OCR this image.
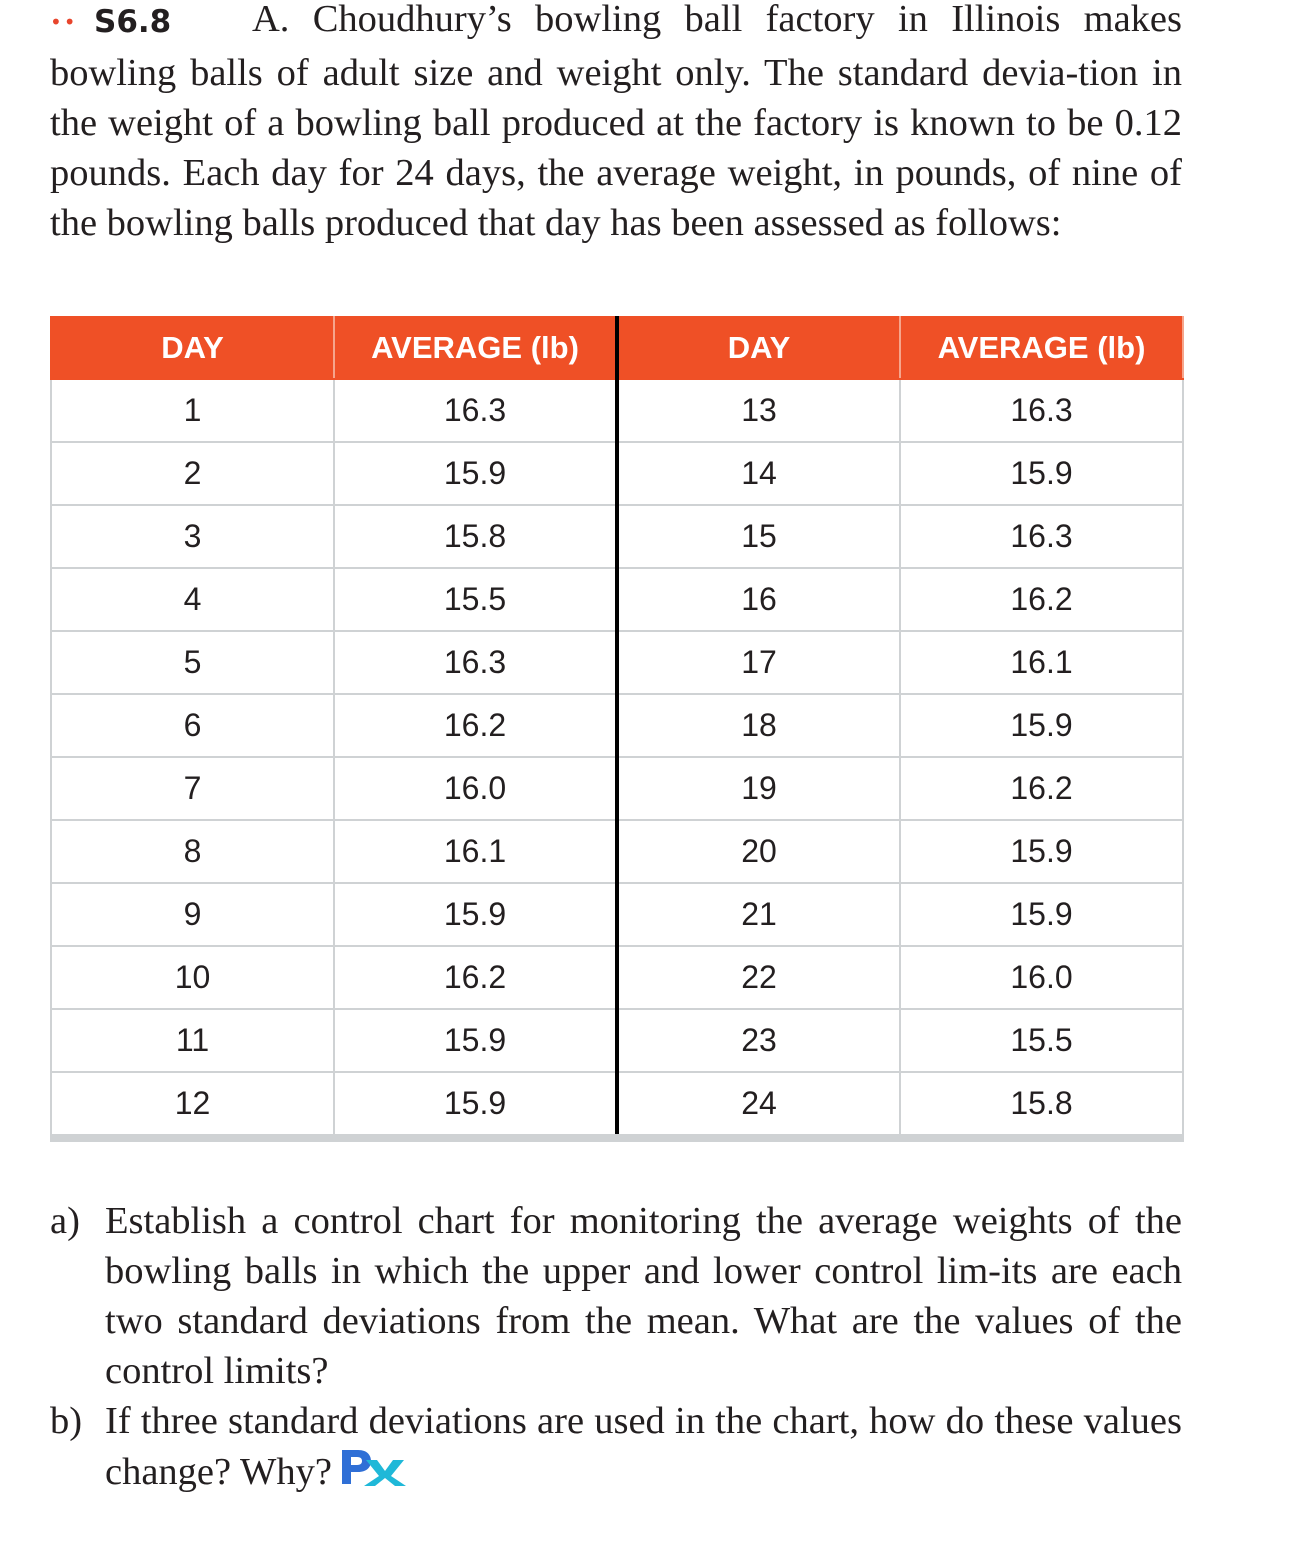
•• S6.8 A. Choudhury’s bowling ball factory in Illinois makes
bowling balls of adult size and weight only. The standard devia-tion in the weight of a bowling ball produced at the factory is known to be 0.12 pounds. Each day for 24 days, the average weight, in pounds, of nine of the bowling balls produced that day has been assessed as follows:
DAY	AVERAGE (lb)	DAY	AVERAGE (lb)
1	16.3	13	16.3
2	15.9	14	15.9
3	15.8	15	16.3
4	15.5	16	16.2
5	16.3	17	16.1
6	16.2	18	15.9
7	16.0	19	16.2
8	16.1	20	15.9
9	15.9	21	15.9
10	16.2	22	16.0
11	15.9	23	15.5
12	15.9	24	15.8
a) Establish a control chart for monitoring the average weights of the bowling balls in which the upper and lower control lim-its are each two standard deviations from the mean. What are the values of the control limits?
b) If three standard deviations are used in the chart, how do these values change? Why?
